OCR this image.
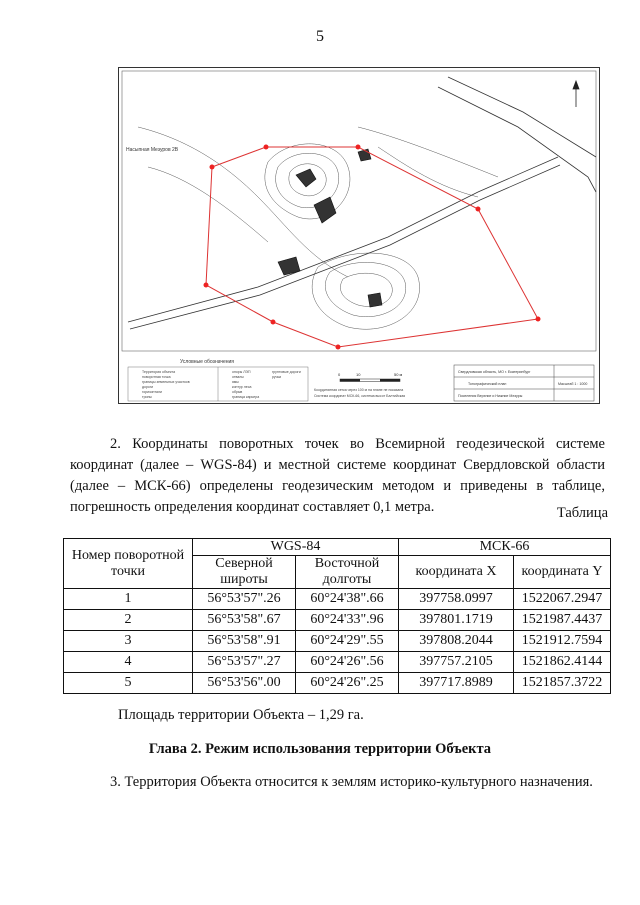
5
Насыпная Мезуров 2В
Условные обозначения
Территория объекта
поворотная точка
границы земельных участков
дороги
горизонтали
тропы
опоры ЛЭП
отвалы
ямы
контур леса
обрыв
граница карьера
грунтовые дороги
ручьи	0	10	50 м
Координатная сетка через 100 м на плане не показана
Система координат МСК-66, система высот Балтийская
Свердловская область, МО г. Екатеринбург
Топографический план
Поселения Верхние и Нижние Мезуры
Масштаб 1 : 1000
2. Координаты поворотных точек во Всемирной геодезической системе координат (далее – WGS-84) и местной системе координат Свердловской области (далее – МСК-66) определены геодезическим методом и приведены в таблице, погрешность определения координат составляет 0,1 метра.	Таблица
Номер поворотной точки	WGS-84		МСК-66	
	Северной широты	Восточной долготы	координата X	координата Y
1	56°53'57".26	60°24'38".66	397758.0997	1522067.2947
2	56°53'58".67	60°24'33".96	397801.1719	1521987.4437
3	56°53'58".91	60°24'29".55	397808.2044	1521912.7594
4	56°53'57".27	60°24'26".56	397757.2105	1521862.4144
5	56°53'56".00	60°24'26".25	397717.8989	1521857.3722
Площадь территории Объекта – 1,29 га.
Глава 2. Режим использования территории Объекта
3. Территория Объекта относится к землям историко-культурного назначения.
